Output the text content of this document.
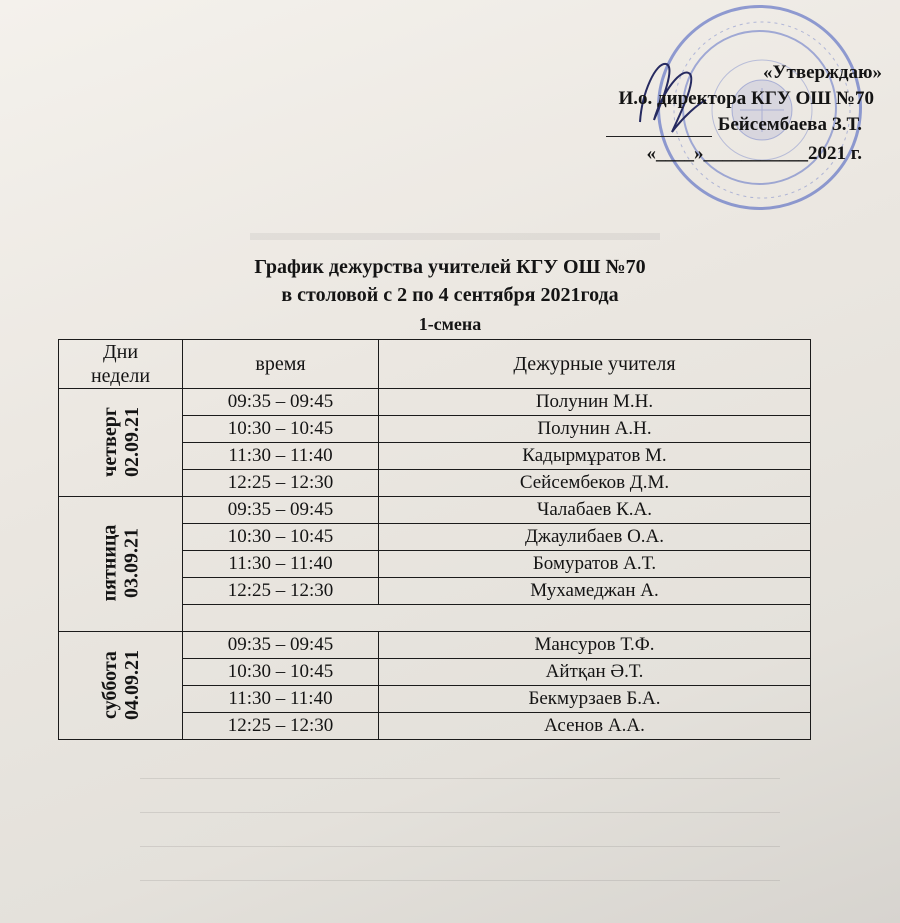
«Утверждаю»
И.о. директора КГУ ОШ №70
Бейсембаева З.Т.
«____»___________2021 г.
График дежурства учителей КГУ ОШ №70
в столовой с 2 по 4 сентября 2021года
1-смена
Дни
недели	время	Дежурные учителя
четверг
02.09.21	09:35 – 09:45	Полунин М.Н.
	10:30 – 10:45	Полунин А.Н.
	11:30 – 11:40	Кадырмұратов М.
	12:25 – 12:30	Сейсембеков Д.М.
пятница
03.09.21	09:35 – 09:45	Чалабаев К.А.
	10:30 – 10:45	Джаулибаев О.А.
	11:30 – 11:40	Бомуратов А.Т.
	12:25 – 12:30	Мухамеджан А.

суббота
04.09.21	09:35 – 09:45	Мансуров Т.Ф.
	10:30 – 10:45	Айтқан Ә.Т.
	11:30 – 11:40	Бекмурзаев Б.А.
	12:25 – 12:30	Асенов А.А.
